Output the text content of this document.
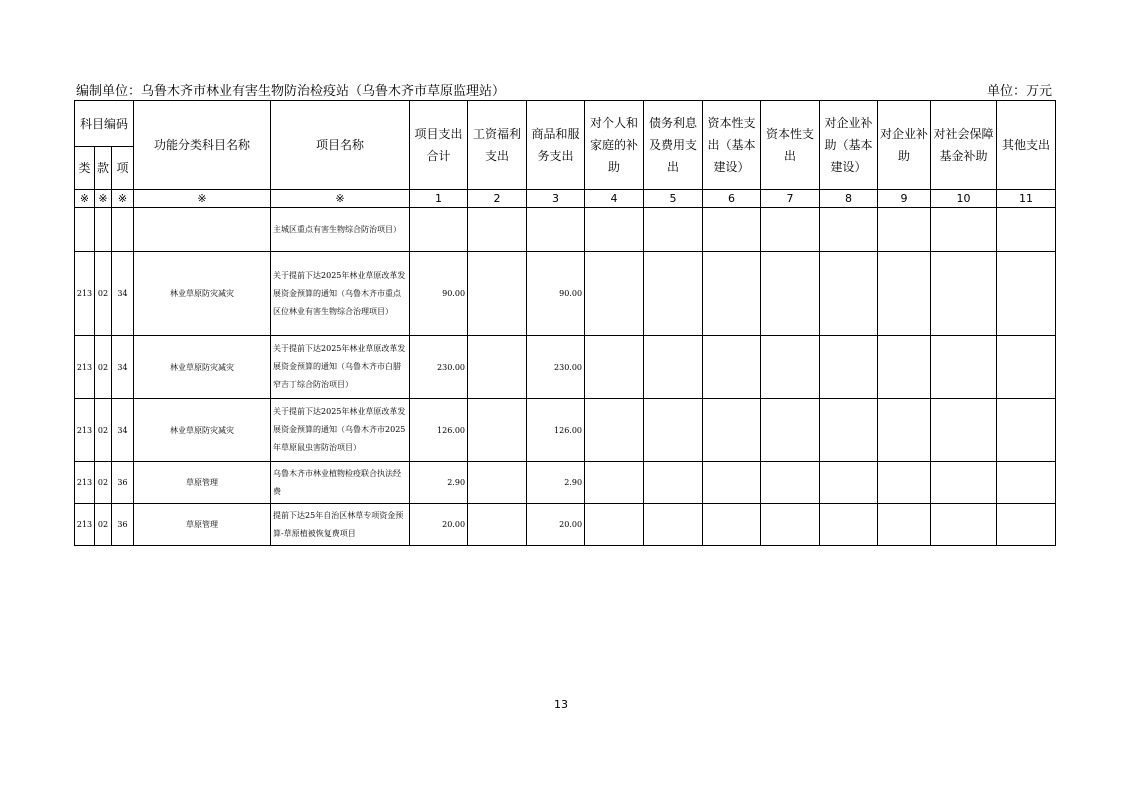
编制单位：乌鲁木齐市林业有害生物防治检疫站（乌鲁木齐市草原监理站）	单位：万元
科目编码			功能分类科目名称	项目名称	项目支出合计	工资福利支出	商品和服务支出	对个人和家庭的补助	债务利息及费用支出	资本性支出（基本建设）	资本性支出	对企业补助（基本建设）	对企业补助	对社会保障基金补助	其他支出
类	款	项													
※	※	※	※	※	1	2	3	4	5	6	7	8	9	10	11
				主城区重点有害生物综合防治项目）											
213	02	34	林业草原防灾减灾	关于提前下达2025年林业草原改革发展资金预算的通知（乌鲁木齐市重点区位林业有害生物综合治理项目）	90.00		90.00								
213	02	34	林业草原防灾减灾	关于提前下达2025年林业草原改革发展资金预算的通知（乌鲁木齐市白腊窄吉丁综合防治项目）	230.00		230.00								
213	02	34	林业草原防灾减灾	关于提前下达2025年林业草原改革发展资金预算的通知（乌鲁木齐市2025年草原鼠虫害防治项目）	126.00		126.00								
213	02	36	草原管理	乌鲁木齐市林业植物检疫联合执法经费	2.90		2.90								
213	02	36	草原管理	提前下达25年自治区林草专项资金预算-草原植被恢复费项目	20.00		20.00								
13
